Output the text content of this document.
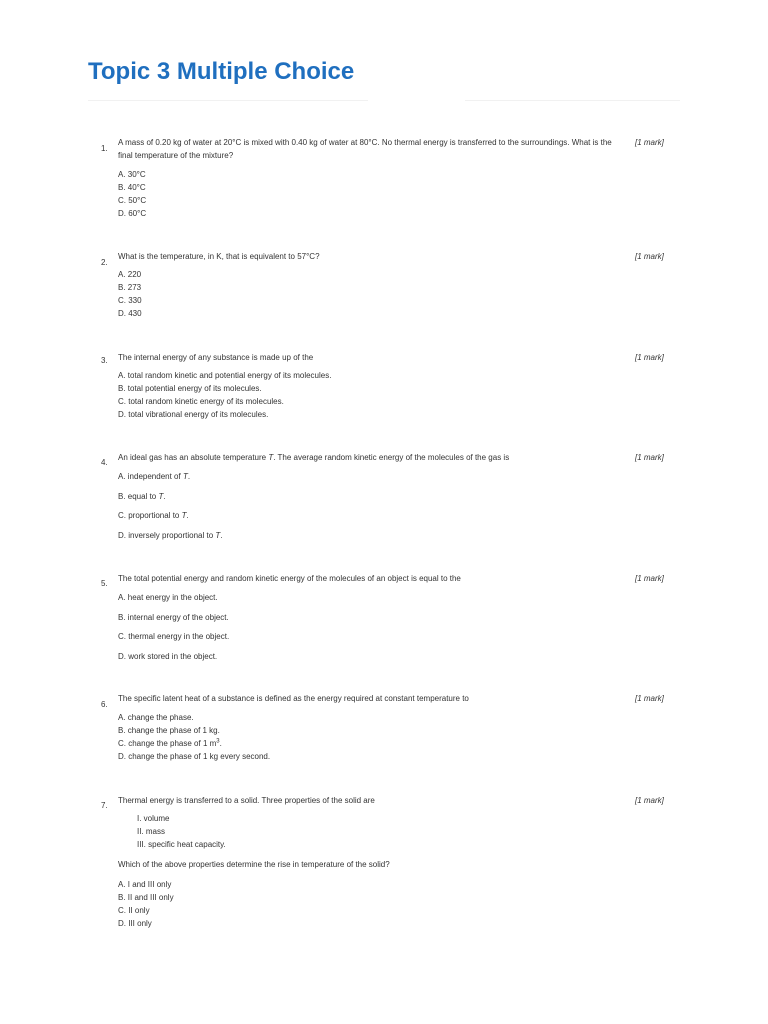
Topic 3 Multiple Choice
1.
A mass of 0.20 kg of water at 20°C is mixed with 0.40 kg of water at 80°C. No thermal energy is transferred to the surroundings. What is the final temperature of the mixture?
[1 mark]
A. 30°C
B. 40°C
C. 50°C
D. 60°C
2.
What is the temperature, in K, that is equivalent to 57°C?	[1 mark]
A. 220
B. 273
C. 330
D. 430
3. The internal energy of any substance is made up of the	[1 mark]
A. total random kinetic and potential energy of its molecules.
B. total potential energy of its molecules.
C. total random kinetic energy of its molecules.
D. total vibrational energy of its molecules.
4.
An ideal gas has an absolute temperature T. The average random kinetic energy of the molecules of the gas is	[1 mark]
A. independent of T.
B. equal to T.
C. proportional to T.
D. inversely proportional to T.
5.
The total potential energy and random kinetic energy of the molecules of an object is equal to the	[1 mark]
A. heat energy in the object.
B. internal energy of the object.
C. thermal energy in the object.
D. work stored in the object.
6.
The specific latent heat of a substance is defined as the energy required at constant temperature to	[1 mark]
A. change the phase.
B. change the phase of 1 kg.
C. change the phase of 1 $m^3$.
D. change the phase of 1 kg every second.
7.
Thermal energy is transferred to a solid. Three properties of the solid are	[1 mark]
I. volume
II. mass
III. specific heat capacity.
Which of the above properties determine the rise in temperature of the solid?
A. I and III only
B. II and III only
C. II only
D. III only
